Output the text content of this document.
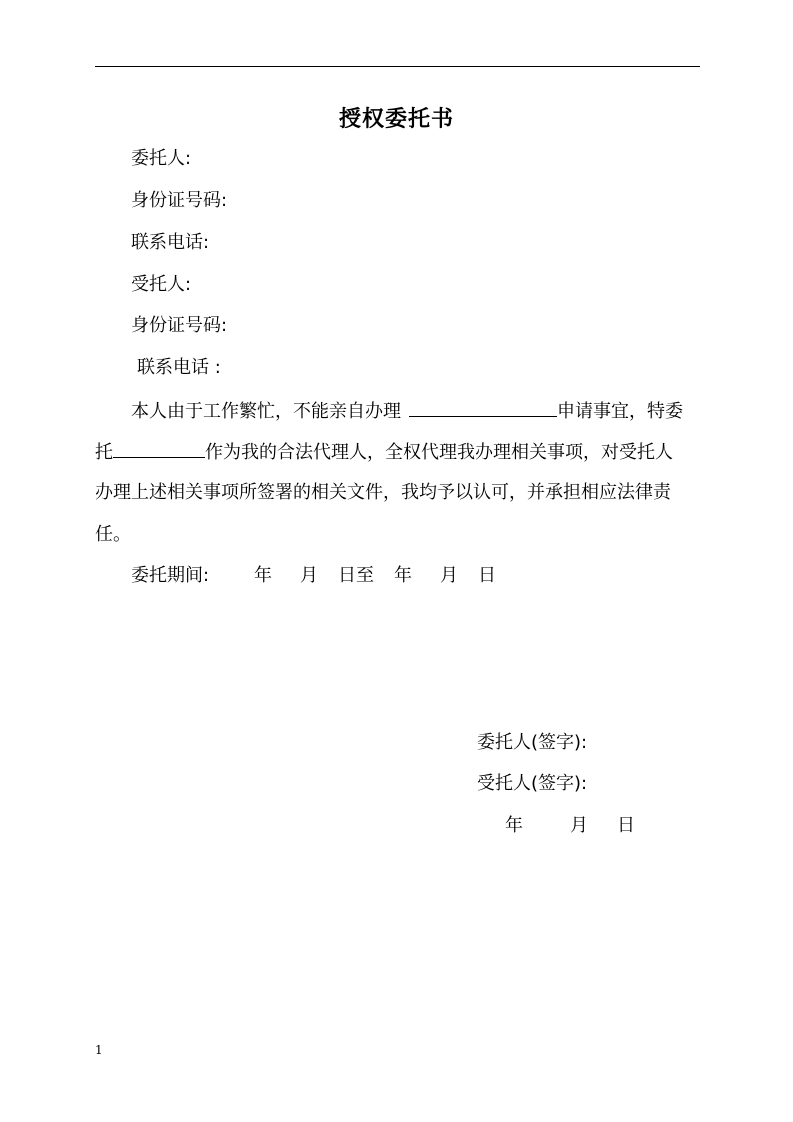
授权委托书
委托人:
身份证号码:
联系电话:
受托人:
身份证号码:
联系电话 :
本人由于工作繁忙，不能亲自办理	申请事宜，特委
托	作为我的合法代理人，全权代理我办理相关事项，对受托人
办理上述相关事项所签署的相关文件，我均予以认可，并承担相应法律责
任。
委托期间: 年 月 日至 年 月 日
委托人(签字):
受托人(签字):
年	月 日
1
